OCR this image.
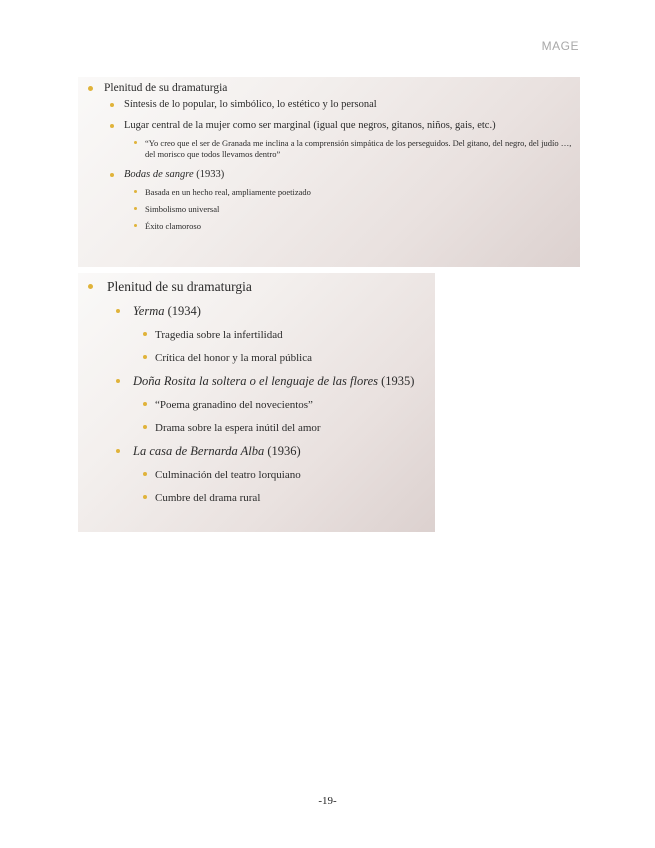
MAGE
Plenitud de su dramaturgia
Síntesis de lo popular, lo simbólico, lo estético y lo personal
Lugar central de la mujer como ser marginal (igual que negros, gitanos, niños, gais, etc.)
“Yo creo que el ser de Granada me inclina a la comprensión simpática de los perseguidos. Del gitano, del negro, del judío …, del morisco que todos llevamos dentro”
Bodas de sangre (1933)
Basada en un hecho real, ampliamente poetizado
Simbolismo universal
Éxito clamoroso
Plenitud de su dramaturgia
Yerma (1934)
Tragedia sobre la infertilidad
Crítica del honor y la moral pública
Doña Rosita la soltera o el lenguaje de las flores (1935)
“Poema granadino del novecientos”
Drama sobre la espera inútil del amor
La casa de Bernarda Alba (1936)
Culminación del teatro lorquiano
Cumbre del drama rural
-19-
